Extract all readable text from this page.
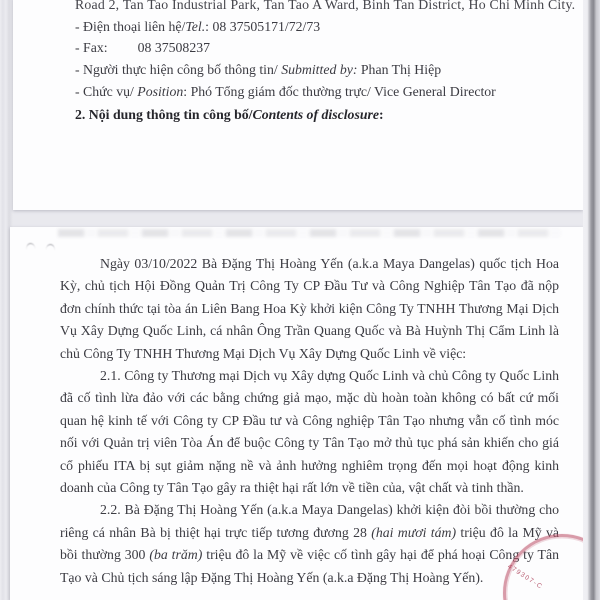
Road 2, Tan Tao Industrial Park, Tan Tao A Ward, Binh Tan District, Ho Chi Minh City.

- Điện thoại liên hệ/Tel.: 08 37505171/72/73

- Fax: 08 37508237

- Người thực hiện công bố thông tin/ Submitted by: Phan Thị Hiệp

- Chức vụ/ Position: Phó Tổng giám đốc thường trực/ Vice General Director

2. Nội dung thông tin công bố/Contents of disclosure:

Ngày 03/10/2022 Bà Đặng Thị Hoàng Yến (a.k.a Maya Dangelas) quốc tịch Hoa Kỳ, chủ tịch Hội Đồng Quản Trị Công Ty CP Đầu Tư và Công Nghiệp Tân Tạo đã nộp đơn chính thức tại tòa án Liên Bang Hoa Kỳ khởi kiện Công Ty TNHH Thương Mại Dịch Vụ Xây Dựng Quốc Linh, cá nhân Ông Trần Quang Quốc và Bà Huỳnh Thị Cẩm Linh là chủ Công Ty TNHH Thương Mại Dịch Vụ Xây Dựng Quốc Linh về việc:

2.1. Công ty Thương mại Dịch vụ Xây dựng Quốc Linh và chủ Công ty Quốc Linh đã cố tình lừa đảo với các bằng chứng giả mạo, mặc dù hoàn toàn không có bất cứ mối quan hệ kinh tế với Công ty CP Đầu tư và Công nghiệp Tân Tạo nhưng vẫn cố tình móc nối với Quản trị viên Tòa Án để buộc Công ty Tân Tạo mở thủ tục phá sản khiến cho giá cổ phiếu ITA bị sụt giảm nặng nề và ảnh hưởng nghiêm trọng đến mọi hoạt động kinh doanh của Công ty Tân Tạo gây ra thiệt hại rất lớn về tiền của, vật chất và tinh thần.

2.2. Bà Đặng Thị Hoàng Yến (a.k.a Maya Dangelas) khởi kiện đòi bồi thường cho riêng cá nhân Bà bị thiệt hại trực tiếp tương đương 28 (hai mươi tám) triệu đô la Mỹ và bồi thường 300 (ba trăm) triệu đô la Mỹ về việc cố tình gây hại để phá hoại Công ty Tân Tạo và Chủ tịch sáng lập Đặng Thị Hoàng Yến (a.k.a Đặng Thị Hoàng Yến).	479307-C
